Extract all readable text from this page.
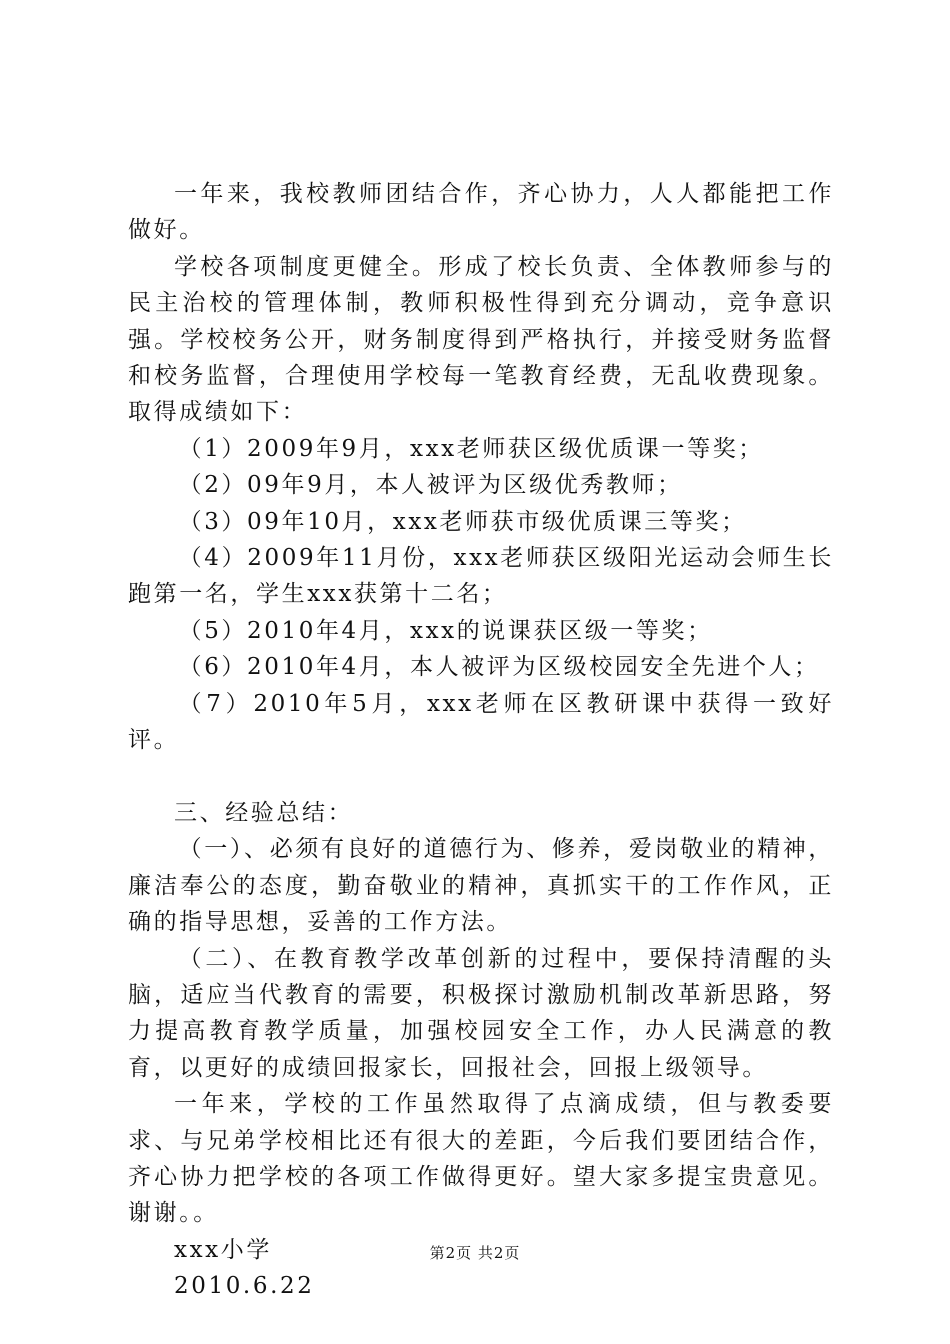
一年来，我校教师团结合作，齐心协力，人人都能把工作做好。

学校各项制度更健全。形成了校长负责、全体教师参与的民主治校的管理体制，教师积极性得到充分调动，竞争意识强。学校校务公开，财务制度得到严格执行，并接受财务监督和校务监督，合理使用学校每一笔教育经费，无乱收费现象。取得成绩如下：

（1）2009年9月，xxx老师获区级优质课一等奖；

（2）09年9月，本人被评为区级优秀教师；

（3）09年10月，xxx老师获市级优质课三等奖；

（4）2009年11月份，xxx老师获区级阳光运动会师生长跑第一名，学生xxx获第十二名；

（5）2010年4月，xxx的说课获区级一等奖；

（6）2010年4月，本人被评为区级校园安全先进个人；

（7）2010年5月，xxx老师在区教研课中获得一致好评。

三、经验总结：

（一）、必须有良好的道德行为、修养，爱岗敬业的精神，廉洁奉公的态度，勤奋敬业的精神，真抓实干的工作作风，正确的指导思想，妥善的工作方法。

（二）、在教育教学改革创新的过程中，要保持清醒的头脑，适应当代教育的需要，积极探讨激励机制改革新思路，努力提高教育教学质量，加强校园安全工作，办人民满意的教育，以更好的成绩回报家长，回报社会，回报上级领导。

一年来，学校的工作虽然取得了点滴成绩，但与教委要求、与兄弟学校相比还有很大的差距，今后我们要团结合作，齐心协力把学校的各项工作做得更好。望大家多提宝贵意见。谢谢。。

xxx小学

2010.6.22

第2页 共2页
